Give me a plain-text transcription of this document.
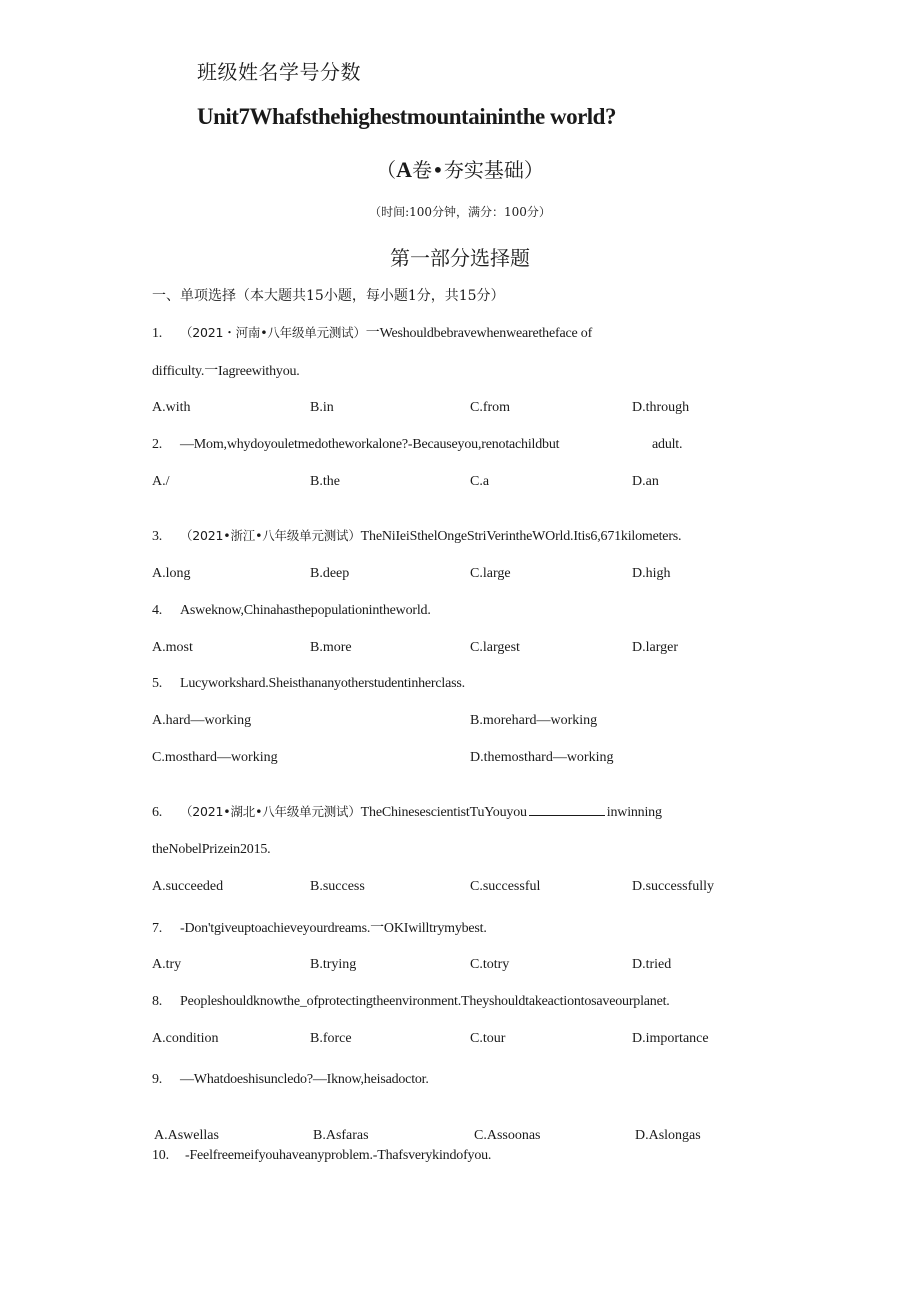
班级姓名学号分数
Unit7Whafsthehighestmountaininthe world?
（A卷•夯实基础）
（时间:100分钟，满分：100分）
第一部分选择题
一、单项选择（本大题共15小题，每小题1分，共15分）
1. （2021・河南•八年级单元测试）一Weshouldbebravewhenwearetheface of
difficulty.一Iagreewithyou.
A.with	B.in	C.from	D.through
2. —Mom,whydoyouletmedotheworkalone?-Becauseyou,renotachildbut	adult.
A./	B.the	C.a	D.an
3. （2021•浙江•八年级单元测试）TheNiIeiSthelOngeStriVerintheWOrld.Itis6,671kilometers.
A.long	B.deep	C.large	D.high
4. Asweknow,Chinahasthepopulationintheworld.
A.most	B.more	C.largest	D.larger
5. Lucyworkshard.Sheisthananyotherstudentinherclass.
A.hard—working	B.morehard—working
C.mosthard—working	D.themosthard—working
6. （2021•湖北•八年级单元测试）TheChinesescientistTuYouyou	inwinning
theNobelPrizein2015.
A.succeeded	B.success	C.successful	D.successfully
7. -Don'tgiveuptoachieveyourdreams.一OKIwilltrymybest.
A.try	B.trying	C.totry	D.tried
8. Peopleshouldknowthe_ofprotectingtheenvironment.Theyshouldtakeactiontosaveourplanet.
A.condition	B.force	C.tour	D.importance
9. —Whatdoeshisuncledo?—Iknow,heisadoctor.
A.Aswellas	B.Asfaras	C.Assoonas	D.Aslongas
10. -Feelfreemeifyouhaveanyproblem.-Thafsverykindofyou.
